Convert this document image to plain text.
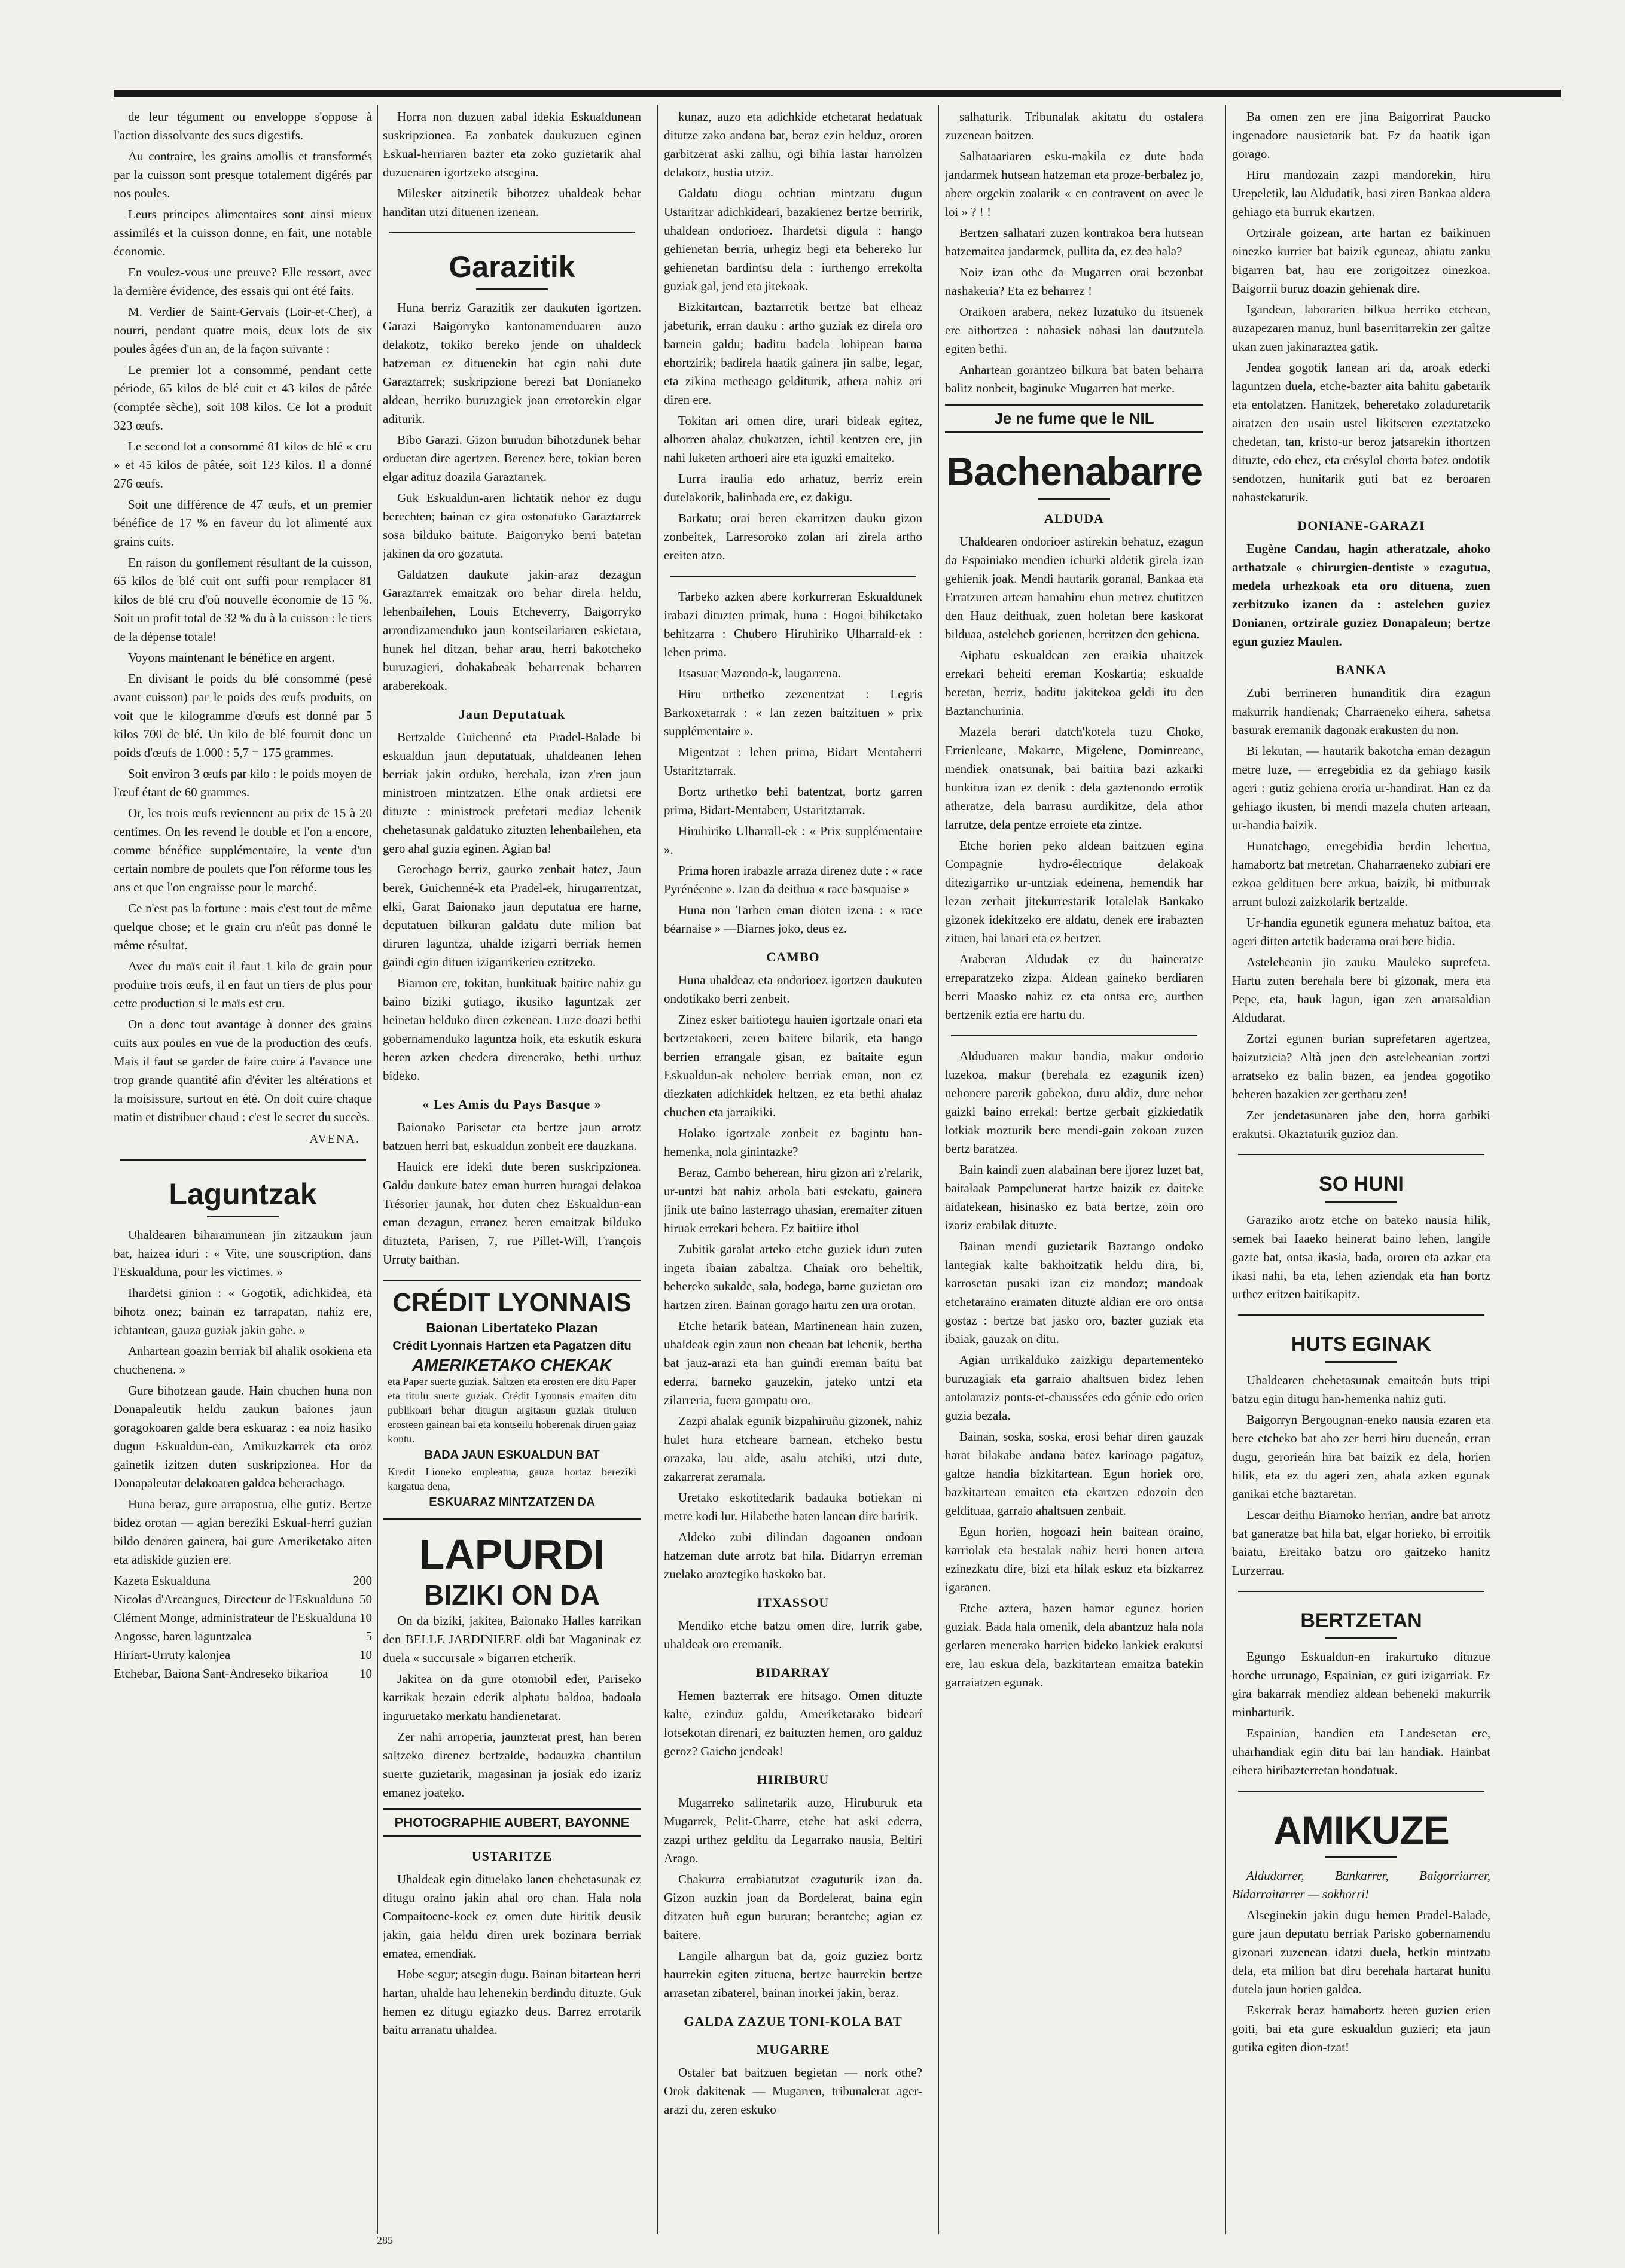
de leur tégument ou enveloppe s'oppose à l'action dissolvante des sucs digestifs.

Au contraire, les grains amollis et transformés par la cuisson sont presque totalement digérés par nos poules.

Leurs principes alimentaires sont ainsi mieux assimilés et la cuisson donne, en fait, une notable économie.

En voulez-vous une preuve? Elle ressort, avec la dernière évidence, des essais qui ont été faits.

M. Verdier de Saint-Gervais (Loir-et-Cher), a nourri, pendant quatre mois, deux lots de six poules âgées d'un an, de la façon suivante :

Le premier lot a consommé, pendant cette période, 65 kilos de blé cuit et 43 kilos de pâtée (comptée sèche), soit 108 kilos. Ce lot a produit 323 œufs.

Le second lot a consommé 81 kilos de blé « cru » et 45 kilos de pâtée, soit 123 kilos. Il a donné 276 œufs.

Soit une différence de 47 œufs, et un premier bénéfice de 17 % en faveur du lot alimenté aux grains cuits.

En raison du gonflement résultant de la cuisson, 65 kilos de blé cuit ont suffi pour remplacer 81 kilos de blé cru d'où nouvelle économie de 15 %. Soit un profit total de 32 % du à la cuisson : le tiers de la dépense totale!

Voyons maintenant le bénéfice en argent.

En divisant le poids du blé consommé (pesé avant cuisson) par le poids des œufs produits, on voit que le kilogramme d'œufs est donné par 5 kilos 700 de blé. Un kilo de blé fournit donc un poids d'œufs de 1.000 : 5,7 = 175 grammes.

Soit environ 3 œufs par kilo : le poids moyen de l'œuf étant de 60 grammes.

Or, les trois œufs reviennent au prix de 15 à 20 centimes. On les revend le double et l'on a encore, comme bénéfice supplémentaire, la vente d'un certain nombre de poulets que l'on réforme tous les ans et que l'on engraisse pour le marché.

Ce n'est pas la fortune : mais c'est tout de même quelque chose; et le grain cru n'eût pas donné le même résultat.

Avec du maïs cuit il faut 1 kilo de grain pour produire trois œufs, il en faut un tiers de plus pour cette production si le maïs est cru.

On a donc tout avantage à donner des grains cuits aux poules en vue de la production des œufs. Mais il faut se garder de faire cuire à l'avance une trop grande quantité afin d'éviter les altérations et la moisissure, surtout en été. On doit cuire chaque matin et distribuer chaud : c'est le secret du succès.

AVENA.
Laguntzak

Uhaldearen biharamunean jin zitzaukun jaun bat, haizea iduri : « Vite, une souscription, dans l'Eskualduna, pour les victimes. »

Ihardetsi ginion : « Gogotik, adichkidea, eta bihotz onez; bainan ez tarrapatan, nahiz ere, ichtantean, gauza guziak jakin gabe. »

Anhartean goazin berriak bil ahalik osokiena eta chuchenena. »

Gure bihotzean gaude. Hain chuchen huna non Donapaleutik heldu zaukun baiones jaun goragokoaren galde bera eskuaraz : ea noiz hasiko dugun Eskualdun-ean, Amikuzkarrek eta oroz gainetik izitzen duten suskripzionea. Hor da Donapaleutar delakoaren galdea beherachago.

Huna beraz, gure arrapostua, elhe gutiz. Bertze bidez orotan — agian bereziki Eskual-herri guzian bildo denaren gainera, bai gure Ameriketako aiten eta adiskide guzien ere.

Kazeta Eskualduna	200
Nicolas d'Arcangues, Directeur de l'Eskualduna 50
Clément Monge, administrateur de l'Eskualduna 10
Angosse, baren laguntzalea	5
Hiriart-Urruty kalonjea	10
Etchebar, Baiona Sant-Andreseko bikarioa	10

Horra non duzuen zabal idekia Eskualdunean suskripzionea. Ea zonbatek daukuzuen eginen Eskual-herriaren bazter eta zoko guzietarik ahal duzuenaren igortzeko atsegina.

Milesker aitzinetik bihotzez uhaldeak behar handitan utzi dituenen izenean.

Garazitik

Huna berriz Garazitik zer daukuten igortzen. Garazi Baigorryko kantonamenduaren auzo delakotz, tokiko bereko jende on uhaldeck hatzeman ez dituenekin bat egin nahi dute Garaztarrek; suskripzione berezi bat Donianeko aldean, herriko buruzagiek joan errotorekin elgar aditurik.

Bibo Garazi. Gizon burudun bihotzdunek behar orduetan dire agertzen. Berenez bere, tokian beren elgar adituz doazila Garaztarrek.

Guk Eskualdun-aren lichtatik nehor ez dugu berechten; bainan ez gira ostonatuko Garaztarrek sosa bilduko baitute. Baigorryko berri batetan jakinen da oro gozatuta.

Galdatzen daukute jakin-araz dezagun Garaztarrek emaitzak oro behar direla heldu, lehenbailehen, Louis Etcheverry, Baigorryko arrondizamenduko jaun kontseilariaren eskietara, hunek hel ditzan, behar arau, herri bakotcheko buruzagieri, dohakabeak beharrenak beharren araberekoak.

Jaun Deputatuak

Bertzalde Guichenné eta Pradel-Balade bi eskualdun jaun deputatuak, uhaldeanen lehen berriak jakin orduko, berehala, izan z'ren jaun ministroen mintzatzen. Elhe onak ardietsi ere dituzte : ministroek prefetari mediaz lehenik chehetasunak galdatuko zituzten lehenbailehen, eta gero ahal guzia eginen. Agian ba!

Gerochago berriz, gaurko zenbait hatez, Jaun berek, Guichenné-k eta Pradel-ek, hirugarrentzat, elki, Garat Baionako jaun deputatua ere harne, deputatuen bilkuran galdatu dute milion bat diruren laguntza, uhalde izigarri berriak hemen gaindi egin dituen izigarrikerien eztitzeko.

Biarnon ere, tokitan, hunkituak baitire nahiz gu baino biziki gutiago, ikusiko laguntzak zer heinetan helduko diren ezkenean. Luze doazi bethi gobernamenduko laguntza hoik, eta eskutik eskura heren azken chedera direnerako, bethi urthuz bideko.

« Les Amis du Pays Basque »

Baionako Parisetar eta bertze jaun arrotz batzuen herri bat, eskualdun zonbeit ere dauzkana.

Hauick ere ideki dute beren suskripzionea. Galdu daukute batez eman hurren huragai delakoa Trésorier jaunak, hor duten chez Eskualdun-ean eman dezagun, erranez beren emaitzak bilduko dituzteta, Parisen, 7, rue Pillet-Will, François Urruty baithan.

CRÉDIT LYONNAIS
Baionan Libertateko Plazan
Crédit Lyonnais Hartzen eta Pagatzen ditu
AMERIKETAKO CHEKAK
eta Paper suerte guziak. Saltzen eta erosten ere ditu Paper eta titulu suerte guziak. Crédit Lyonnais emaiten ditu publikoari behar ditugun argitasun guziak tituluen erosteen gainean bai eta kontseilu hoberenak diruen gaiaz kontu.
BADA JAUN ESKUALDUN BAT
Kredit Lioneko empleatua, gauza hortaz bereziki kargatua dena,
ESKUARAZ MINTZATZEN DA
LAPURDI
BIZIKI ON DA

On da biziki, jakitea, Baionako Halles karrikan den BELLE JARDINIERE oldi bat Maganinak ez duela « succursale » bigarren etcherik.

Jakitea on da gure otomobil eder, Pariseko karrikak bezain ederik alphatu baldoa, badoala inguruetako merkatu handienetarat.

Zer nahi arroperia, jaunzterat prest, han beren saltzeko direnez bertzalde, badauzka chantilun suerte guzietarik, magasinan ja josiak edo izariz emanez joateko.

PHOTOGRAPHIE AUBERT, BAYONNE
USTARITZE

Uhaldeak egin dituelako lanen chehetasunak ez ditugu oraino jakin ahal oro chan. Hala nola Compaitoene-koek ez omen dute hiritik deusik jakin, gaia heldu diren urek bozinara berriak ematea, emendiak.

Hobe segur; atsegin dugu. Bainan bitartean herri hartan, uhalde hau lehenekin berdindu dituzte. Guk hemen ez ditugu egiazko deus. Barrez errotarik baitu arranatu uhaldea.

kunaz, auzo eta adichkide etchetarat hedatuak ditutze zako andana bat, beraz ezin helduz, ororen garbitzerat aski zalhu, ogi bihia lastar harrolzen delakotz, bustia utziz.

Galdatu diogu ochtian mintzatu dugun Ustaritzar adichkideari, bazakienez bertze berririk, uhaldean ondorioez. Ihardetsi digula : hango gehienetan berria, urhegiz hegi eta behereko lur gehienetan bardintsu dela : iurthengo errekolta guziak gal, jend eta jitekoak.

Bizkitartean, baztarretik bertze bat elheaz jabeturik, erran dauku : artho guziak ez direla oro barnein galdu; baditu badela lohipean barna ehortzirik; badirela haatik gainera jin salbe, legar, eta zikina metheago gelditurik, athera nahiz ari diren ere.

Tokitan ari omen dire, urari bideak egitez, alhorren ahalaz chukatzen, ichtil kentzen ere, jin nahi luketen arthoeri aire eta iguzki emaiteko.

Lurra iraulia edo arhatuz, berriz erein dutelakorik, balinbada ere, ez dakigu.

Barkatu; orai beren ekarritzen dauku gizon zonbeitek, Larresoroko zolan ari zirela artho ereiten atzo.

Tarbeko azken abere korkurreran Eskualdunek irabazi dituzten primak, huna : Hogoi bihiketako behitzarra : Chubero Hiruhiriko Ulharrald-ek : lehen prima.

Itsasuar Mazondo-k, laugarrena.

Hiru urthetko zezenentzat : Legris Barkoxetarrak : « lan zezen baitzituen » prix supplémentaire ».

Migentzat : lehen prima, Bidart Mentaberri Ustaritztarrak.

Bortz urthetko behi batentzat, bortz garren prima, Bidart-Mentaberr, Ustaritztarrak.

Hiruhiriko Ulharrall-ek : « Prix supplémentaire ».

Prima horen irabazle arraza direnez dute : « race Pyrénéenne ». Izan da deithua « race basquaise »

Huna non Tarben eman dioten izena : « race béarnaise » —Biarnes joko, deus ez.

CAMBO

Huna uhaldeaz eta ondorioez igortzen daukuten ondotikako berri zenbeit.

Zinez esker baitiotegu hauien igortzale onari eta bertzetakoeri, zeren baitere bilarik, eta hango berrien errangale gisan, ez baitaite egun Eskualdun-ak neholere berriak eman, non ez diezkaten adichkidek heltzen, ez eta bethi ahalaz chuchen eta jarraikiki.

Holako igortzale zonbeit ez bagintu han-hemenka, nola ginintazke?

Beraz, Cambo beherean, hiru gizon ari z'relarik, ur-untzi bat nahiz arbola bati estekatu, gainera jinik ute baino lasterrago uhasian, eremaiter zituen hiruak errekari behera. Ez baitiire ithol

Zubitik garalat arteko etche guziek idurī zuten ingeta ibaian zabaltza. Chaiak oro beheltik, behereko sukalde, sala, bodega, barne guzietan oro hartzen ziren. Bainan gorago hartu zen ura orotan.

Etche hetarik batean, Martinenean hain zuzen, uhaldeak egin zaun non cheaan bat lehenik, bertha bat jauz-arazi eta han guindi ereman baitu bat ederra, barneko gauzekin, jateko untzi eta zilarreria, fuera gampatu oro.

Zazpi ahalak egunik bizpahiruñu gizonek, nahiz hulet hura etcheare barnean, etcheko bestu orazaka, lau alde, asalu atchiki, utzi dute, zakarrerat zeramala.

Uretako eskotitedarik badauka botiekan ni metre kodi lur. Hilabethe baten lanean dire haririk.

Aldeko zubi dilindan dagoanen ondoan hatzeman dute arrotz bat hila. Bidarryn erreman zuelako aroztegiko haskoko bat.

ITXASSOU

Mendiko etche batzu omen dire, lurrik gabe, uhaldeak oro eremanik.

BIDARRAY

Hemen bazterrak ere hitsago. Omen dituzte kalte, ezinduz galdu, Ameriketarako bidearí lotsekotan direnari, ez baituzten hemen, oro galduz geroz? Gaicho jendeak!

HIRIBURU

Mugarreko salinetarik auzo, Hiruburuk eta Mugarrek, Pelit-Charre, etche bat aski ederra, zazpi urthez gelditu da Legarrako nausia, Beltiri Arago.

Chakurra errabiatutzat ezaguturik izan da. Gizon auzkin joan da Bordelerat, baina egin ditzaten huñ egun bururan; berantche; agian ez baitere.

Langile alhargun bat da, goiz guziez bortz haurrekin egiten zituena, bertze haurrekin bertze arrasetan zibaterel, bainan inorkei jakin, beraz.

GALDA ZAZUE TONI-KOLA BAT
MUGARRE

Ostaler bat baitzuen begietan — nork othe? Orok dakitenak — Mugarren, tribunalerat ager-arazi du, zeren eskuko

salhaturik. Tribunalak akitatu du ostalera zuzenean baitzen.

Salhataariaren esku-makila ez dute bada jandarmek hutsean hatzeman eta proze-berbalez jo, abere orgekin zoalarik « en contravent on avec le loi » ? ! !

Bertzen salhatari zuzen kontrakoa bera hutsean hatzemaitea jandarmek, pullita da, ez dea hala?

Noiz izan othe da Mugarren orai bezonbat nashakeria? Eta ez beharrez !

Oraikoen arabera, nekez luzatuko du itsuenek ere aithortzea : nahasiek nahasi lan dautzutela egiten bethi.

Anhartean gorantzeo bilkura bat baten beharra balitz nonbeit, baginuke Mugarren bat merke.

Je ne fume que le NIL
Bachenabarre
ALDUDA

Uhaldearen ondorioer astirekin behatuz, ezagun da Espainiako mendien ichurki aldetik girela izan gehienik joak. Mendi hautarik goranal, Bankaa eta Erratzuren artean hamahiru ehun metrez chutitzen den Hauz deithuak, zuen holetan bere kaskorat bilduaa, asteleheb gorienen, herritzen den gehiena.

Aiphatu eskualdean zen eraikia uhaitzek errekari beheiti ereman Koskartia; eskualde beretan, berriz, baditu jakitekoa geldi itu den Baztanchurinia.

Mazela berari datch'kotela tuzu Choko, Errienleane, Makarre, Migelene, Dominreane, mendiek onatsunak, bai baitira bazi azkarki hunkitua izan ez denik : dela gaztenondo errotik atheratze, dela barrasu aurdikitze, dela athor larrutze, dela pentze erroiete eta zintze.

Etche horien peko aldean baitzuen egina Compagnie hydro-électrique delakoak ditezigarriko ur-untziak edeinena, hemendik har lezan zerbait jitekurrestarik lotalelak Bankako gizonek idekitzeko ere aldatu, denek ere irabazten zituen, bai lanari eta ez bertzer.

Araberan Aldudak ez du haineratze erreparatzeko zizpa. Aldean gaineko berdiaren berri Maasko nahiz ez eta ontsa ere, aurthen bertzenik eztia ere hartu du.

Alduduaren makur handia, makur ondorio luzekoa, makur (berehala ez ezagunik izen) nehonere parerik gabekoa, duru aldiz, dure nehor gaizki baino errekal: bertze gerbait gizkiedatik lotkiak mozturik bere mendi-gain zokoan zuzen bertz baratzea.

Bain kaindi zuen alabainan bere ijorez luzet bat, baitalaak Pampelunerat hartze baizik ez daiteke aidatekean, hisinasko ez bata bertze, zoin oro izariz erabilak dituzte.

Bainan mendi guzietarik Baztango ondoko lantegiak kalte bakhoitzatik heldu dira, bi, karrosetan pusaki izan ciz mandoz; mandoak etchetaraino eramaten dituzte aldian ere oro ontsa gostaz : bertze bat jasko oro, bazter guziak eta ibaiak, gauzak on ditu.

Agian urrikalduko zaizkigu departementeko buruzagiak eta garraio ahaltsuen bidez lehen antolaraziz ponts-et-chaussées edo génie edo orien guzia bezala.

Bainan, soska, soska, erosi behar diren gauzak harat bilakabe andana batez karioago pagatuz, galtze handia bizkitartean. Egun horiek oro, bazkitartean emaiten eta ekartzen edozoin den geldituaa, garraio ahaltsuen zenbait.

Egun horien, hogoazi hein baitean oraino, karriolak eta bestalak nahiz herri honen artera ezinezkatu dire, bizi eta hilak eskuz eta bizkarrez igaranen.

Etche aztera, bazen hamar egunez horien guziak. Bada hala omenik, dela abantzuz hala nola gerlaren menerako harrien bideko lankiek erakutsi ere, lau eskua dela, bazkitartean emaitza batekin garraiatzen egunak.

Ba omen zen ere jina Baigorrirat Paucko ingenadore nausietarik bat. Ez da haatik igan gorago.

Hiru mandozain zazpi mandorekin, hiru Urepeletik, lau Aldudatik, hasi ziren Bankaa aldera gehiago eta burruk ekartzen.

Ortzirale goizean, arte hartan ez baikinuen oinezko kurrier bat baizik eguneaz, abiatu zanku bigarren bat, hau ere zorigoitzez oinezkoa. Baigorrii buruz doazin gehienak dire.

Igandean, laborarien bilkua herriko etchean, auzapezaren manuz, hunl baserritarrekin zer galtze ukan zuen jakinaraztea gatik.

Jendea gogotik lanean ari da, aroak ederki laguntzen duela, etche-bazter aita bahitu gabetarik eta entolatzen. Hanitzek, beheretako zoladuretarik airatzen den usain ustel likitseren ezeztatzeko chedetan, tan, kristo-ur beroz jatsarekin ithortzen dituzte, edo ehez, eta crésylol chorta batez ondotik sendotzen, hunitarik guti bat ez beroaren nahastekaturik.

DONIANE-GARAZI

Eugène Candau, hagin atheratzale, ahoko arthatzale « chirurgien-dentiste » ezagutua, medela urhezkoak eta oro dituena, zuen zerbitzuko izanen da : astelehen guziez Donianen, ortzirale guziez Donapaleun; bertze egun guziez Maulen.

BANKA

Zubi berrineren hunanditik dira ezagun makurrik handienak; Charraeneko eihera, sahetsa basurak eremanik dagonak erakusten du non.

Bi lekutan, — hautarik bakotcha eman dezagun metre luze, — erregebidia ez da gehiago kasik ageri : gutiz gehiena eroria ur-handirat. Han ez da gehiago ikusten, bi mendi mazela chuten arteaan, ur-handia baizik.

Hunatchago, erregebidia berdin lehertua, hamabortz bat metretan. Chaharraeneko zubiari ere ezkoa geldituen bere arkua, baizik, bi mitburrak arrunt bulozi zaizkolarik bertzalde.

Ur-handia egunetik egunera mehatuz baitoa, eta ageri ditten artetik baderama orai bere bidia.

Asteleheanin jin zauku Mauleko suprefeta. Hartu zuten berehala bere bi gizonak, mera eta Pepe, eta, hauk lagun, igan zen arratsaldian Aldudarat.

Zortzi egunen burian suprefetaren agertzea, baizutzicia? Altà joen den asteleheanian zortzi arratseko ez balin bazen, ea jendea gogotiko beheren bazakien zer gerthatu zen!

Zer jendetasunaren jabe den, horra garbiki erakutsi. Okaztaturik guzioz dan.

SO HUNI

Garaziko arotz etche on bateko nausia hilik, semek bai Iaaeko heinerat baino lehen, langile gazte bat, ontsa ikasia, bada, ororen eta azkar eta ikasi nahi, ba eta, lehen aziendak eta han bortz urthez eritzen baitikapitz.

HUTS EGINAK

Uhaldearen chehetasunak emaiteán huts ttipi batzu egin ditugu han-hemenka nahiz guti.

Baigorryn Bergougnan-eneko nausia ezaren eta bere etcheko bat aho zer berri hiru dueneán, erran dugu, gerorieán hira bat baizik ez dela, horien hilik, eta ez du ageri zen, ahala azken egunak ganikai etche baztaretan.

Lescar deithu Biarnoko herrian, andre bat arrotz bat ganeratze bat hila bat, elgar horieko, bi erroitik baiatu, Ereitako batzu oro gaitzeko hanitz Lurzerrau.

BERTZETAN

Egungo Eskualdun-en irakurtuko dituzue horche urrunago, Espainian, ez guti izigarriak. Ez gira bakarrak mendiez aldean beheneki makurrik minharturik.

Espainian, handien eta Landesetan ere, uharhandiak egin ditu bai lan handiak. Hainbat eihera hiribazterretan hondatuak.

AMIKUZE

Aldudarrer, Bankarrer, Baigorriarrer, Bidarraitarrer — sokhorri!

Alseginekin jakin dugu hemen Pradel-Balade, gure jaun deputatu berriak Parisko gobernamendu gizonari zuzenean idatzi duela, hetkin mintzatu dela, eta milion bat diru berehala hartarat hunitu dutela jaun horien galdea.

Eskerrak beraz hamabortz heren guzien erien goiti, bai eta gure eskualdun guzieri; eta jaun gutika egiten dion-tzat!

285
